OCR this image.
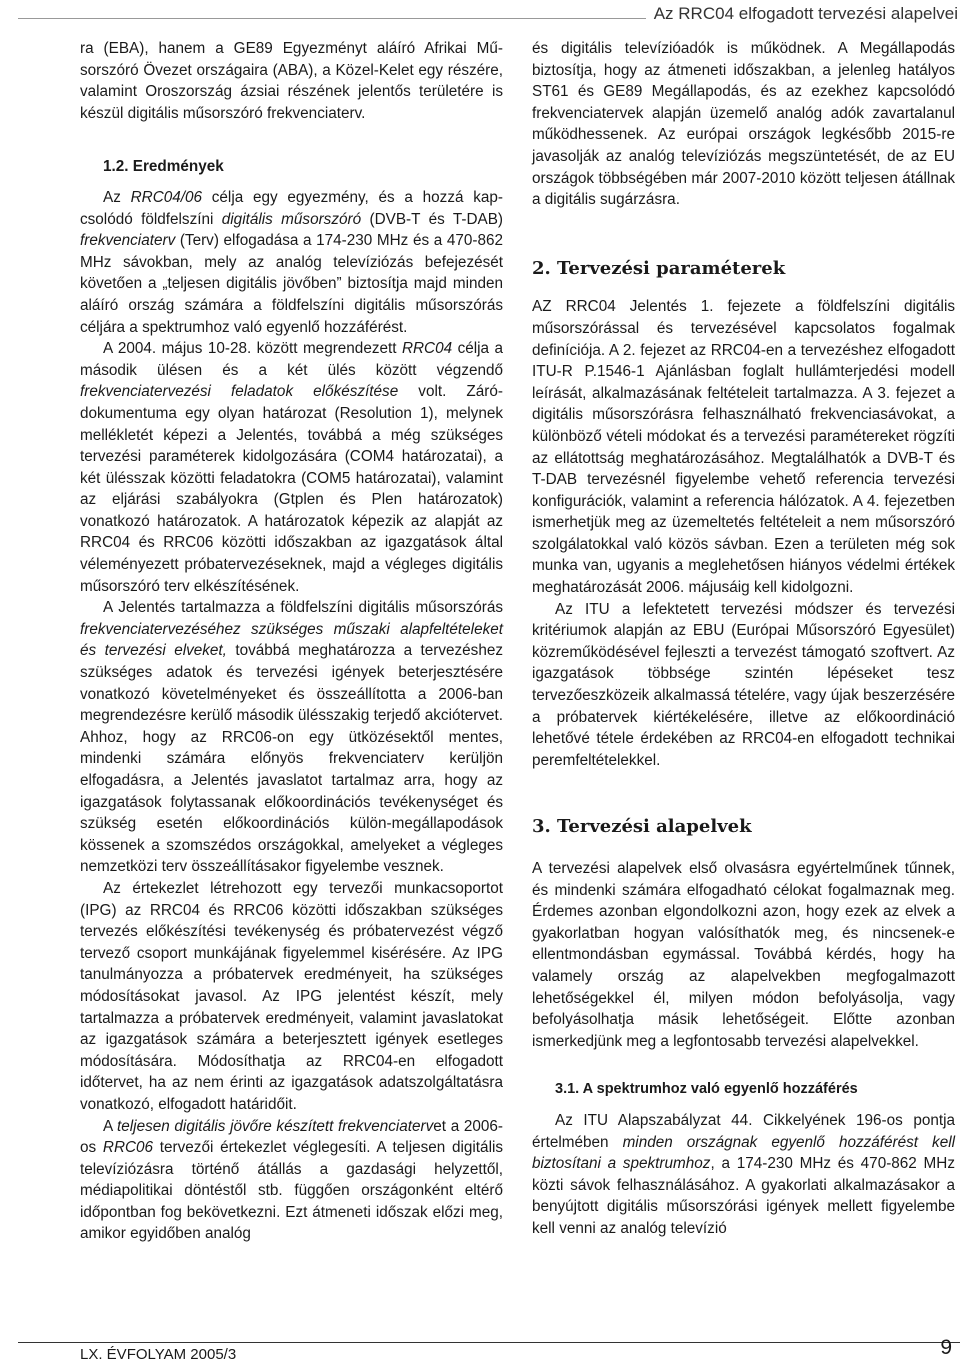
Az RRC04 elfogadott tervezési alapelvei

ra (EBA), hanem a GE89 Egyezményt aláíró Afrikai Műsorszóró Övezet országaira (ABA), a Közel-Kelet egy részére, valamint Oroszország ázsiai részének jelentős területére is készül digitális műsorszóró frekvenciaterv.

1.2. Eredmények

Az RRC04/06 célja egy egyezmény, és a hozzá kapcsolódó földfelszíni digitális műsorszóró (DVB-T és T-DAB) frekvenciaterv (Terv) elfogadása a 174-230 MHz és a 470-862 MHz sávokban, mely az analóg televíziózás befejezését követően a „teljesen digitális jövőben” biztosítja majd minden aláíró ország számára a földfelszíni digitális műsorszórás céljára a spektrumhoz való egyenlő hozzáférést.

A 2004. május 10-28. között megrendezett RRC04 célja a második ülésen és a két ülés között végzendő frekvenciatervezési feladatok előkészítése volt. Záródokumentuma egy olyan határozat (Resolution 1), melynek mellékletét képezi a Jelentés, továbbá a még szükséges tervezési paraméterek kidolgozására (COM4 határozatai), a két ülésszak közötti feladatokra (COM5 határozatai), valamint az eljárási szabályokra (Gtplen és Plen határozatok) vonatkozó határozatok. A határozatok képezik az alapját az RRC04 és RRC06 közötti időszakban az igazgatások által véleményezett próbatervezéseknek, majd a végleges digitális műsorszóró terv elkészítésének.

A Jelentés tartalmazza a földfelszíni digitális műsorszórás frekvenciatervezéséhez szükséges műszaki alapfeltételeket és tervezési elveket, továbbá meghatározza a tervezéshez szükséges adatok és tervezési igények beterjesztésére vonatkozó követelményeket és összeállította a 2006-ban megrendezésre kerülő második ülésszakig terjedő akciótervet. Ahhoz, hogy az RRC06-on egy ütközésektől mentes, mindenki számára előnyös frekvenciaterv kerüljön elfogadásra, a Jelentés javaslatot tartalmaz arra, hogy az igazgatások folytassanak előkoordinációs tevékenységet és szükség esetén előkoordinációs külön-megállapodások kössenek a szomszédos országokkal, amelyeket a végleges nemzetközi terv összeállításakor figyelembe vesznek.

Az értekezlet létrehozott egy tervezői munkacsoportot (IPG) az RRC04 és RRC06 közötti időszakban szükséges tervezés előkészítési tevékenység és próbatervezést végző tervező csoport munkájának figyelemmel kisérésére. Az IPG tanulmányozza a próbatervek eredményeit, ha szükséges módosításokat javasol. Az IPG jelentést készít, mely tartalmazza a próbatervek eredményeit, valamint javaslatokat az igazgatások számára a beterjesztett igények esetleges módosítására. Módosíthatja az RRC04-en elfogadott időtervet, ha az nem érinti az igazgatások adatszolgáltatásra vonatkozó, elfogadott határidőit.

A teljesen digitális jövőre készített frekvenciatervet a 2006-os RRC06 tervezői értekezlet véglegesíti. A teljesen digitális televíziózásra történő átállás a gazdasági helyzettől, médiapolitikai döntéstől stb. függően országonként eltérő időpontban fog bekövetkezni. Ezt átmeneti időszak előzi meg, amikor egyidőben analóg

és digitális televízióadók is működnek. A Megállapodás biztosítja, hogy az átmeneti időszakban, a jelenleg hatályos ST61 és GE89 Megállapodás, és az ezekhez kapcsolódó frekvenciatervek alapján üzemelő analóg adók zavartalanul működhessenek. Az európai országok legkésőbb 2015-re javasolják az analóg televíziózás megszüntetését, de az EU országok többségében már 2007-2010 között teljesen átállnak a digitális sugárzásra.

2. Tervezési paraméterek

AZ RRC04 Jelentés 1. fejezete a földfelszíni digitális műsorszórással és tervezésével kapcsolatos fogalmak definíciója. A 2. fejezet az RRC04-en a tervezéshez elfogadott ITU-R P.1546-1 Ajánlásban foglalt hullámterjedési modell leírását, alkalmazásának feltételeit tartalmazza. A 3. fejezet a digitális műsorszórásra felhasználható frekvenciasávokat, a különböző vételi módokat és a tervezési paramétereket rögzíti az ellátottság meghatározásához. Megtalálhatók a DVB-T és T-DAB tervezésnél figyelembe vehető referencia tervezési konfigurációk, valamint a referencia hálózatok. A 4. fejezetben ismerhetjük meg az üzemeltetés feltételeit a nem műsorszóró szolgálatokkal való közös sávban. Ezen a területen még sok munka van, ugyanis a meglehetősen hiányos védelmi értékek meghatározását 2006. májusáig kell kidolgozni.

Az ITU a lefektetett tervezési módszer és tervezési kritériumok alapján az EBU (Európai Műsorszóró Egyesület) közreműködésével fejleszti a tervezést támogató szoftvert. Az igazgatások többsége szintén lépéseket tesz tervezőeszközeik alkalmassá tételére, vagy újak beszerzésére a próbatervek kiértékelésére, illetve az előkoordináció lehetővé tétele érdekében az RRC04-en elfogadott technikai peremfeltételekkel.

3. Tervezési alapelvek

A tervezési alapelvek első olvasásra egyértelműnek tűnnek, és mindenki számára elfogadható célokat fogalmaznak meg. Érdemes azonban elgondolkozni azon, hogy ezek az elvek a gyakorlatban hogyan valósíthatók meg, és nincsenek-e ellentmondásban egymással. Továbbá kérdés, hogy ha valamely ország az alapelvekben megfogalmazott lehetőségekkel él, milyen módon befolyásolja, vagy befolyásolhatja másik lehetőségeit. Előtte azonban ismerkedjünk meg a legfontosabb tervezési alapelvekkel.

3.1. A spektrumhoz való egyenlő hozzáférés

Az ITU Alapszabályzat 44. Cikkelyének 196-os pontja értelmében minden országnak egyenlő hozzáférést kell biztosítani a spektrumhoz, a 174-230 MHz és 470-862 MHz közti sávok felhasználásához. A gyakorlati alkalmazásakor a benyújtott digitális műsorszórási igények mellett figyelembe kell venni az analóg televízió

LX. ÉVFOLYAM 2005/3	9
